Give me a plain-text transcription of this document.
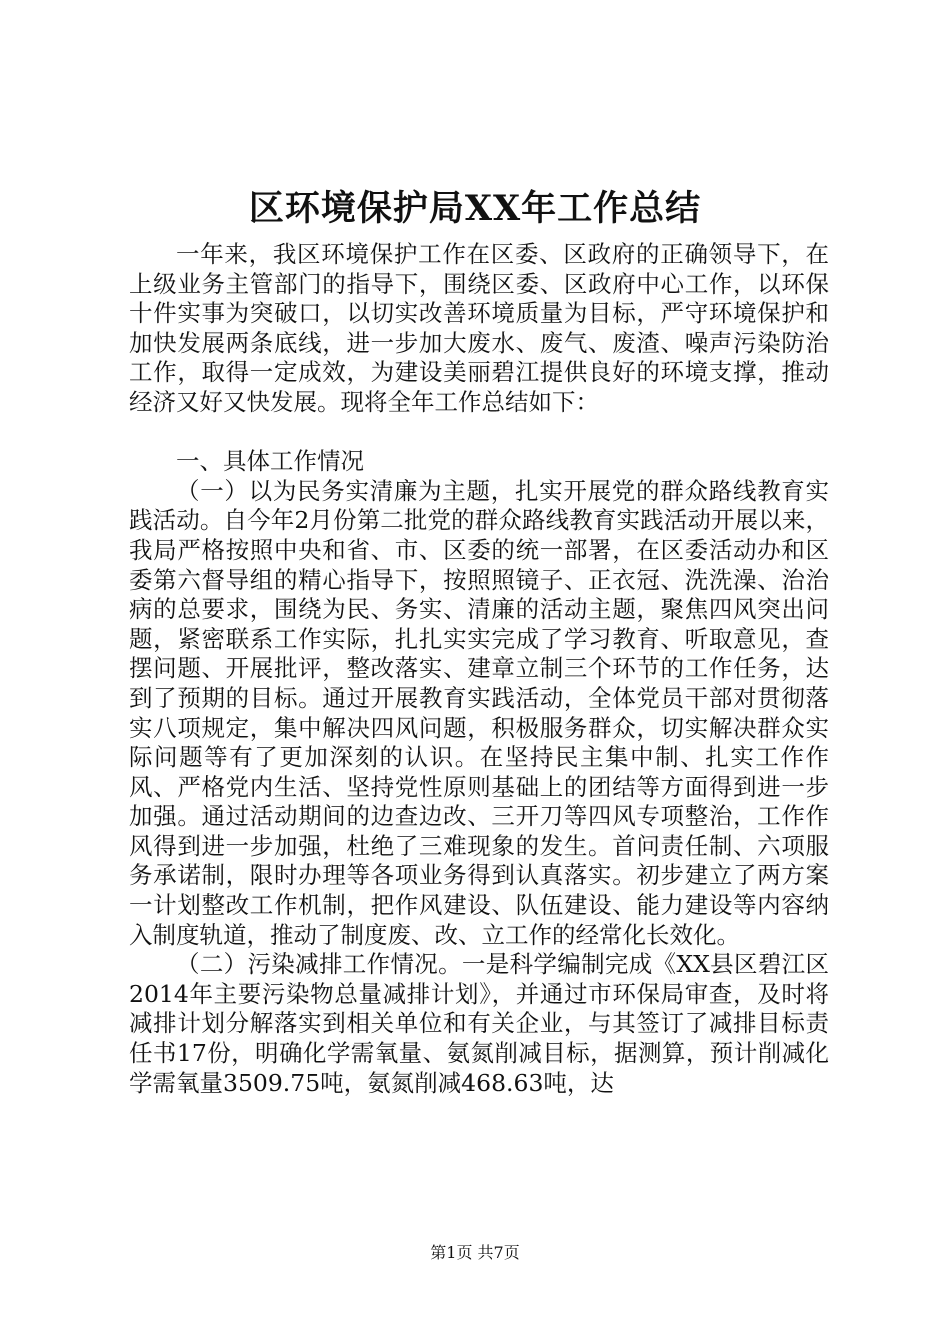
区环境保护局XX年工作总结

一年来，我区环境保护工作在区委、区政府的正确领导下，在上级业务主管部门的指导下，围绕区委、区政府中心工作，以环保十件实事为突破口，以切实改善环境质量为目标，严守环境保护和加快发展两条底线，进一步加大废水、废气、废渣、噪声污染防治工作，取得一定成效，为建设美丽碧江提供良好的环境支撑，推动经济又好又快发展。现将全年工作总结如下：

一、具体工作情况

（一）以为民务实清廉为主题，扎实开展党的群众路线教育实践活动。自今年2月份第二批党的群众路线教育实践活动开展以来，我局严格按照中央和省、市、区委的统一部署，在区委活动办和区委第六督导组的精心指导下，按照照镜子、正衣冠、洗洗澡、治治病的总要求，围绕为民、务实、清廉的活动主题，聚焦四风突出问题，紧密联系工作实际，扎扎实实完成了学习教育、听取意见，查摆问题、开展批评，整改落实、建章立制三个环节的工作任务，达到了预期的目标。通过开展教育实践活动，全体党员干部对贯彻落实八项规定，集中解决四风问题，积极服务群众，切实解决群众实际问题等有了更加深刻的认识。在坚持民主集中制、扎实工作作风、严格党内生活、坚持党性原则基础上的团结等方面得到进一步加强。通过活动期间的边查边改、三开刀等四风专项整治，工作作风得到进一步加强，杜绝了三难现象的发生。首问责任制、六项服务承诺制，限时办理等各项业务得到认真落实。初步建立了两方案一计划整改工作机制，把作风建设、队伍建设、能力建设等内容纳入制度轨道，推动了制度废、改、立工作的经常化长效化。

（二）污染减排工作情况。一是科学编制完成《XX县区碧江区2014年主要污染物总量减排计划》，并通过市环保局审查，及时将减排计划分解落实到相关单位和有关企业，与其签订了减排目标责任书17份，明确化学需氧量、氨氮削减目标，据测算，预计削减化学需氧量3509.75吨，氨氮削减468.63吨，达

第1页 共7页
